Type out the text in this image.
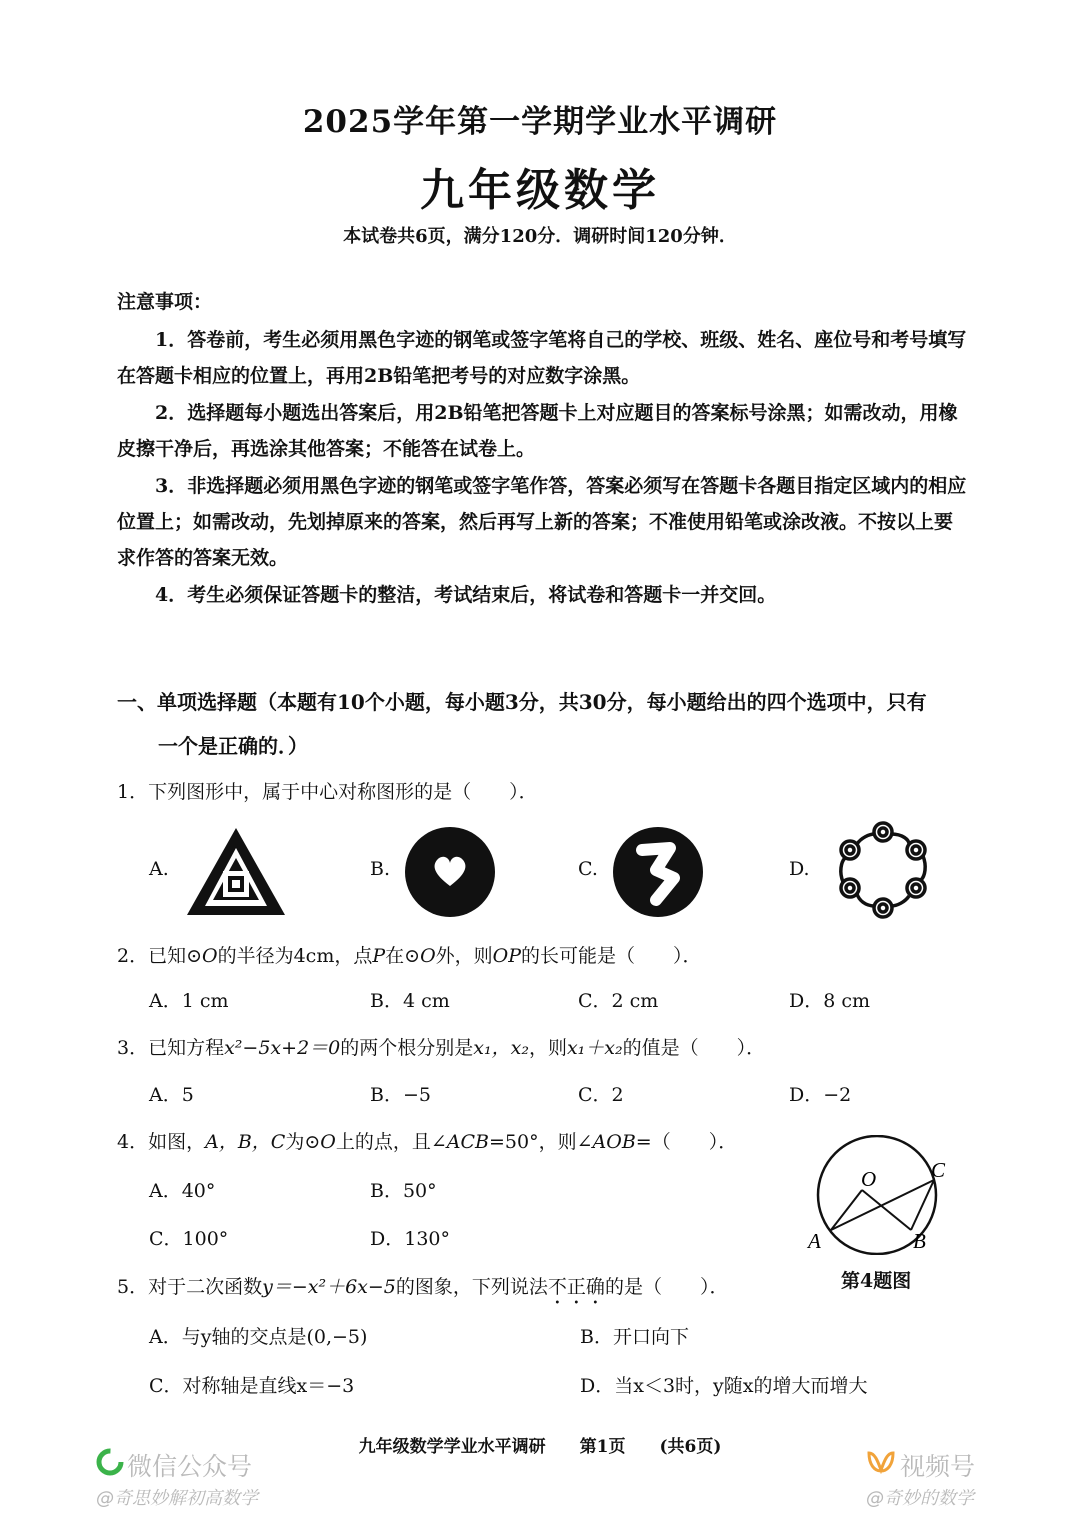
2025学年第一学期学业水平调研
九年级数学
本试卷共6页，满分120分．调研时间120分钟．
注意事项：
1．答卷前，考生必须用黑色字迹的钢笔或签字笔将自己的学校、班级、姓名、座位号和考号填写在答题卡相应的位置上，再用2B铅笔把考号的对应数字涂黑。
2．选择题每小题选出答案后，用2B铅笔把答题卡上对应题目的答案标号涂黑；如需改动，用橡皮擦干净后，再选涂其他答案；不能答在试卷上。
3．非选择题必须用黑色字迹的钢笔或签字笔作答，答案必须写在答题卡各题目指定区域内的相应位置上；如需改动，先划掉原来的答案，然后再写上新的答案；不准使用铅笔或涂改液。不按以上要求作答的答案无效。
4．考生必须保证答题卡的整洁，考试结束后，将试卷和答题卡一并交回。
一、单项选择题（本题有10个小题，每小题3分，共30分，每小题给出的四个选项中，只有
一个是正确的．）
1．下列图形中，属于中心对称图形的是（　　）．
A.	B.	C.	D.
2．已知⊙O的半径为4cm，点P在⊙O外，则OP的长可能是（　　）．
A．1 cm	B．4 cm	C．2 cm	D．8 cm
3．已知方程x²−5x+2＝0的两个根分别是x₁，x₂，则x₁＋x₂的值是（　　）．
A．5	B．−5	C．2	D．−2
4．如图，A，B，C为⊙O上的点，且∠ACB=50°，则∠AOB=（　　）．
A．40°	B．50°
C．100°	D．130°
O
A	B
C
第4题图
5．对于二次函数y＝−x²＋6x−5的图象，下列说法不正确的是（　　）．
A．与y轴的交点是(0,−5)	B．开口向下
C．对称轴是直线x＝−3	D．当x＜3时，y随x的增大而增大
九年级数学学业水平调研　　第1页　　(共6页)
微信公众号
@奇思妙解初高数学
视频号
@奇妙的数学
